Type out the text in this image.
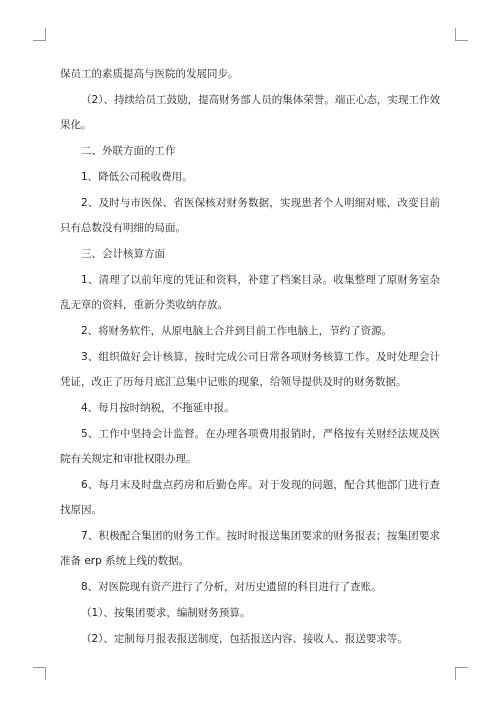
保员工的素质提高与医院的发展同步。

（2）、持续给员工鼓励，提高财务部人员的集体荣誉。端正心态，实现工作效果化。

二、外联方面的工作

1、降低公司税收费用。

2、及时与市医保、省医保核对财务数据，实现患者个人明细对账，改变目前只有总数没有明细的局面。

三、会计核算方面

1、清理了以前年度的凭证和资料，补建了档案目录。收集整理了原财务室杂乱无章的资料，重新分类收纳存放。

2、将财务软件，从原电脑上合并到目前工作电脑上，节约了资源。

3、组织做好会计核算，按时完成公司日常各项财务核算工作。及时处理会计凭证，改正了历每月底汇总集中记账的现象，给领导提供及时的财务数据。

4、每月按时纳税，不拖延申报。

5、工作中坚持会计监督。在办理各项费用报销时，严格按有关财经法规及医院有关规定和审批权限办理。

6、每月末及时盘点药房和后勤仓库。对于发现的问题，配合其他部门进行查找原因。

7、积极配合集团的财务工作。按时时报送集团要求的财务报表；按集团要求准备 erp 系统上线的数据。

8、对医院现有资产进行了分析，对历史遗留的科目进行了查账。

（1）、按集团要求，编制财务预算。

（2）、定制每月报表报送制度，包括报送内容、接收人、报送要求等。
